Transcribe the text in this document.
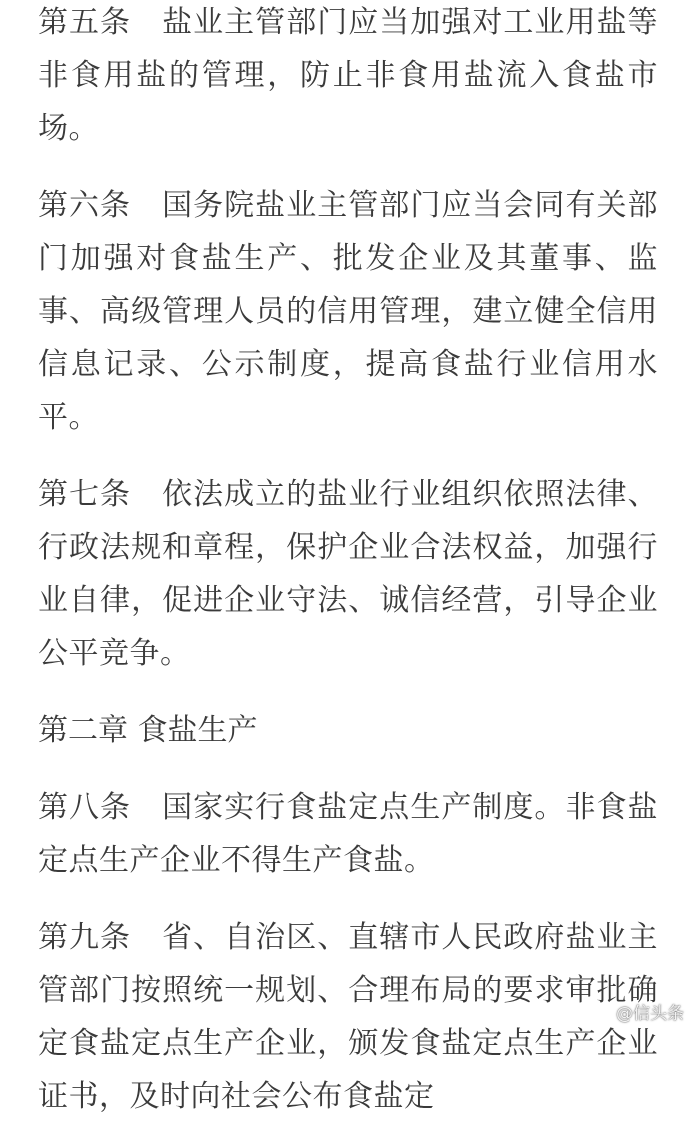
第五条　盐业主管部门应当加强对工业用盐等非食用盐的管理，防止非食用盐流入食盐市场。

第六条　国务院盐业主管部门应当会同有关部门加强对食盐生产、批发企业及其董事、监事、高级管理人员的信用管理，建立健全信用信息记录、公示制度，提高食盐行业信用水平。

第七条　依法成立的盐业行业组织依照法律、行政法规和章程，保护企业合法权益，加强行业自律，促进企业守法、诚信经营，引导企业公平竞争。

第二章 食盐生产

第八条　国家实行食盐定点生产制度。非食盐定点生产企业不得生产食盐。

第九条　省、自治区、直辖市人民政府盐业主管部门按照统一规划、合理布局的要求审批确定食盐定点生产企业，颁发食盐定点生产企业证书，及时向社会公布食盐定

@信头条
